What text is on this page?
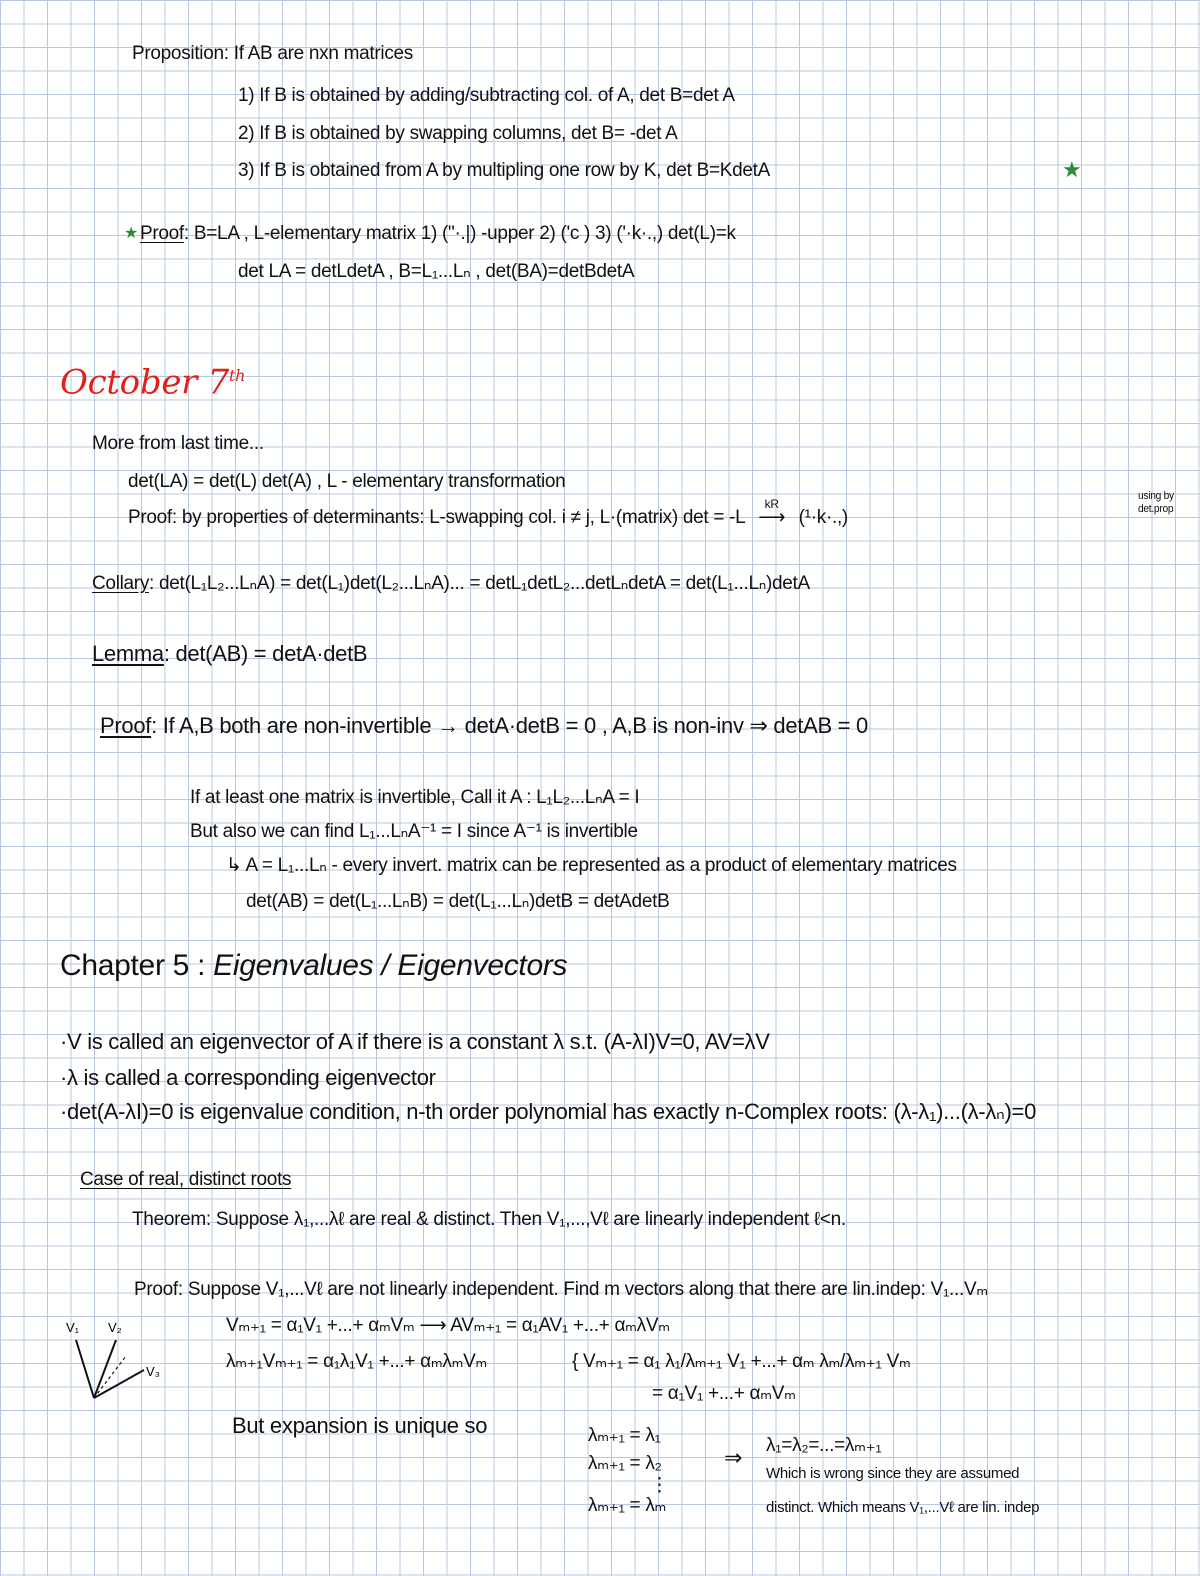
Proposition: If AB are nxn matrices
1) If B is obtained by adding/subtracting col. of A, det B=det A
2) If B is obtained by swapping columns, det B= -det A
3) If B is obtained from A by multipling one row by K, det B=KdetA	★
★ Proof: B=LA , L-elementary matrix 1) ("·.|) -upper 2) ('c ) 3) ('·k·.,) det(L)=k
det LA = detLdetA , B=L₁...Lₙ , det(BA)=detBdetA
October 7th
More from last time...
det(LA) = det(L) det(A) , L - elementary transformation
Proof: by properties of determinants: L-swapping col. i ≠ j, L·(matrix) det = -L
kR
⟶ (¹·k·.,)
using by det.prop
Collary: det(L₁L₂...LₙA) = det(L₁)det(L₂...LₙA)... = detL₁detL₂...detLₙdetA = det(L₁...Lₙ)detA
Lemma: det(AB) = detA·detB
Proof: If A,B both are non-invertible → detA·detB = 0 , A,B is non-inv ⇒ detAB = 0
If at least one matrix is invertible, Call it A : L₁L₂...LₙA = I
But also we can find L₁...LₙA⁻¹ = I since A⁻¹ is invertible
↳ A = L₁...Lₙ - every invert. matrix can be represented as a product of elementary matrices
det(AB) = det(L₁...LₙB) = det(L₁...Lₙ)detB = detAdetB
Chapter 5 : Eigenvalues / Eigenvectors
·V is called an eigenvector of A if there is a constant λ s.t. (A-λI)V=0, AV=λV
·λ is called a corresponding eigenvector
·det(A-λI)=0 is eigenvalue condition, n-th order polynomial has exactly n-Complex roots: (λ-λ₁)...(λ-λₙ)=0
Case of real, distinct roots
Theorem: Suppose λ₁,...λℓ are real & distinct. Then V₁,...,Vℓ are linearly independent ℓ<n.
Proof: Suppose V₁,...Vℓ are not linearly independent. Find m vectors along that there are lin.indep: V₁...Vₘ
Vₘ₊₁ = α₁V₁ +...+ αₘVₘ ⟶ AVₘ₊₁ = α₁AV₁ +...+ αₘλVₘ
λₘ₊₁Vₘ₊₁ = α₁λ₁V₁ +...+ αₘλₘVₘ	{ Vₘ₊₁ = α₁ λ₁/λₘ₊₁ V₁ +...+ αₘ λₘ/λₘ₊₁ Vₘ
= α₁V₁ +...+ αₘVₘ
But expansion is unique so	λₘ₊₁ = λ₁
λₘ₊₁ = λ₂
⋮
λₘ₊₁ = λₘ
⇒ λ₁=λ₂=...=λₘ₊₁
Which is wrong since they are assumed
distinct. Which means V₁,...Vℓ are lin. indep
V₁ V₂
V₃
